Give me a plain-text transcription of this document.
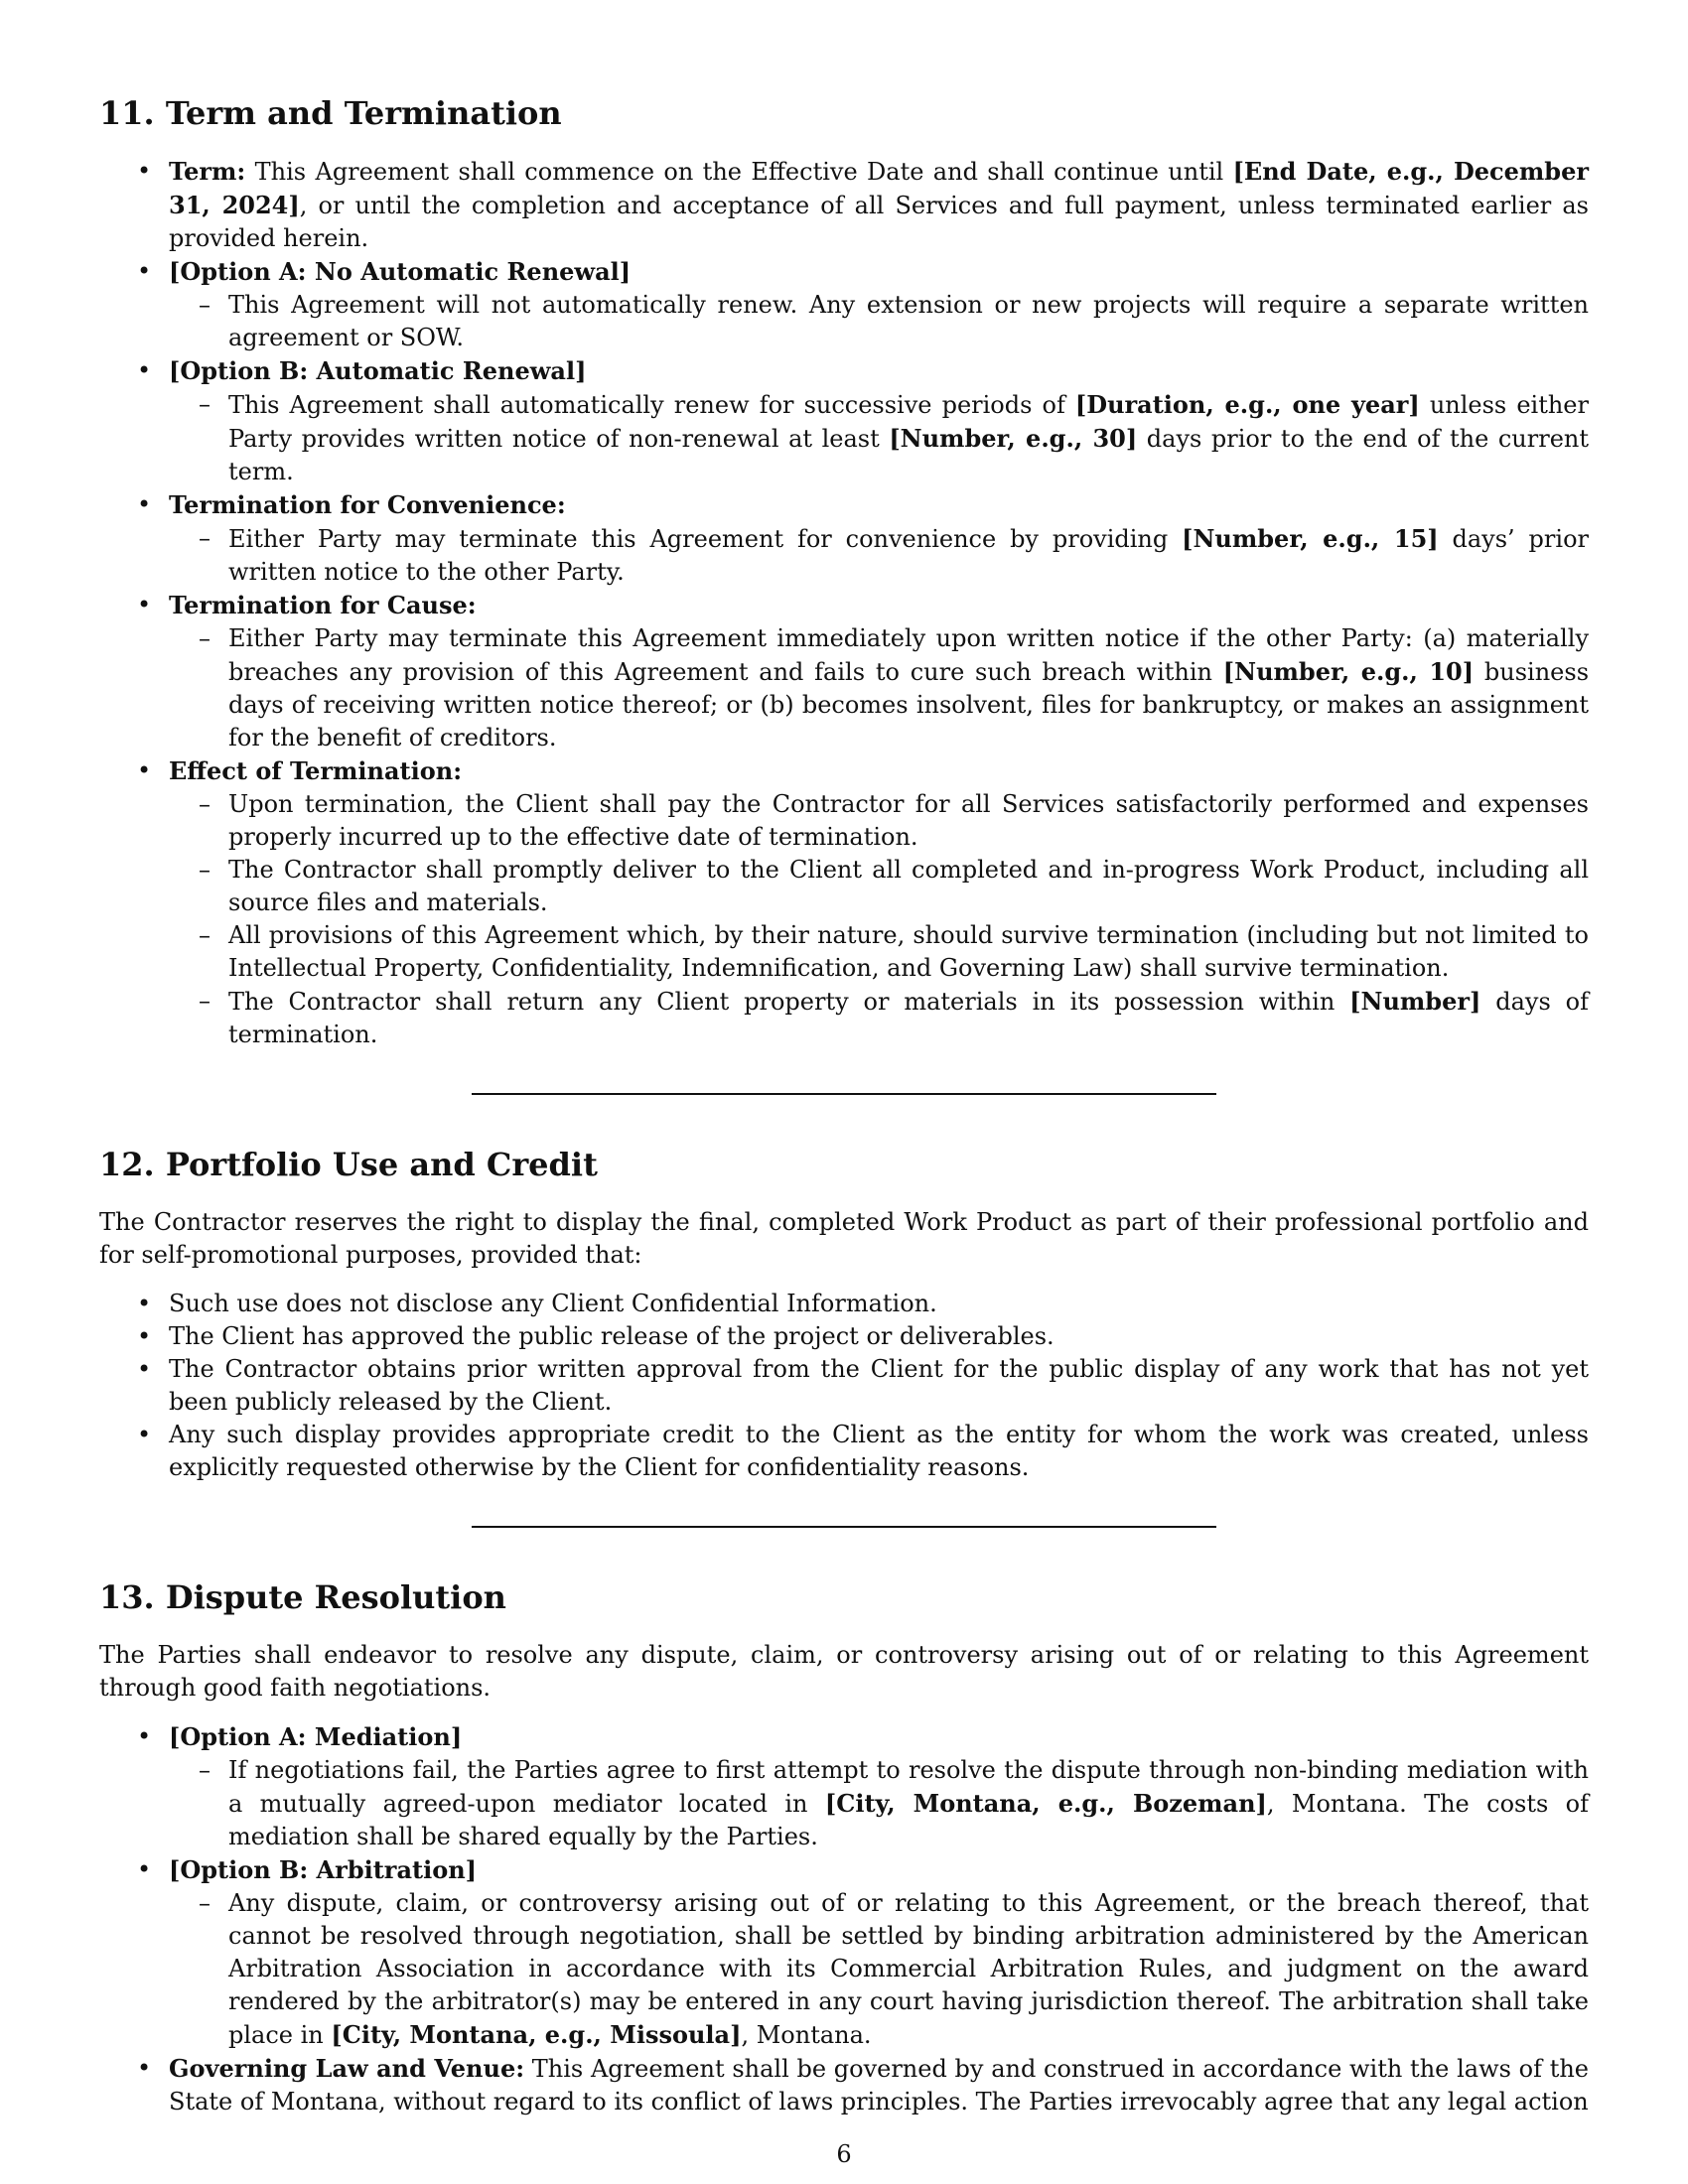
11. Term and Termination
• Term: This Agreement shall commence on the Effective Date and shall continue until [End Date, e.g., December 31, 2024], or until the completion and acceptance of all Services and full payment, unless terminated earlier as provided herein.
• [Option A: No Automatic Renewal]
– This Agreement will not automatically renew. Any extension or new projects will require a separate written agreement or SOW.
• [Option B: Automatic Renewal]
– This Agreement shall automatically renew for successive periods of [Duration, e.g., one year] unless either Party provides written notice of non-renewal at least [Number, e.g., 30] days prior to the end of the current term.
• Termination for Convenience:
– Either Party may terminate this Agreement for convenience by providing [Number, e.g., 15] days’ prior written notice to the other Party.
• Termination for Cause:
– Either Party may terminate this Agreement immediately upon written notice if the other Party: (a) materially breaches any provision of this Agreement and fails to cure such breach within [Number, e.g., 10] business days of receiving written notice thereof; or (b) becomes insolvent, files for bankruptcy, or makes an assignment for the benefit of creditors.
• Effect of Termination:
– Upon termination, the Client shall pay the Contractor for all Services satisfactorily performed and expenses properly incurred up to the effective date of termination.
– The Contractor shall promptly deliver to the Client all completed and in-progress Work Product, including all source files and materials.
– All provisions of this Agreement which, by their nature, should survive termination (including but not limited to Intellectual Property, Confidentiality, Indemnification, and Governing Law) shall survive termination.
– The Contractor shall return any Client property or materials in its possession within [Number] days of termination.
12. Portfolio Use and Credit

The Contractor reserves the right to display the final, completed Work Product as part of their professional portfolio and for self-promotional purposes, provided that:

• Such use does not disclose any Client Confidential Information.
• The Client has approved the public release of the project or deliverables.
• The Contractor obtains prior written approval from the Client for the public display of any work that has not yet been publicly released by the Client.
• Any such display provides appropriate credit to the Client as the entity for whom the work was created, unless explicitly requested otherwise by the Client for confidentiality reasons.
13. Dispute Resolution

The Parties shall endeavor to resolve any dispute, claim, or controversy arising out of or relating to this Agreement through good faith negotiations.

• [Option A: Mediation]
– If negotiations fail, the Parties agree to first attempt to resolve the dispute through non-binding mediation with a mutually agreed-upon mediator located in [City, Montana, e.g., Bozeman], Montana. The costs of mediation shall be shared equally by the Parties.
• [Option B: Arbitration]
– Any dispute, claim, or controversy arising out of or relating to this Agreement, or the breach thereof, that cannot be resolved through negotiation, shall be settled by binding arbitration administered by the American Arbitration Association in accordance with its Commercial Arbitration Rules, and judgment on the award rendered by the arbitrator(s) may be entered in any court having jurisdiction thereof. The arbitration shall take place in [City, Montana, e.g., Missoula], Montana.
• Governing Law and Venue: This Agreement shall be governed by and construed in accordance with the laws of the State of Montana, without regard to its conflict of laws principles. The Parties irrevocably agree that any legal action
6
